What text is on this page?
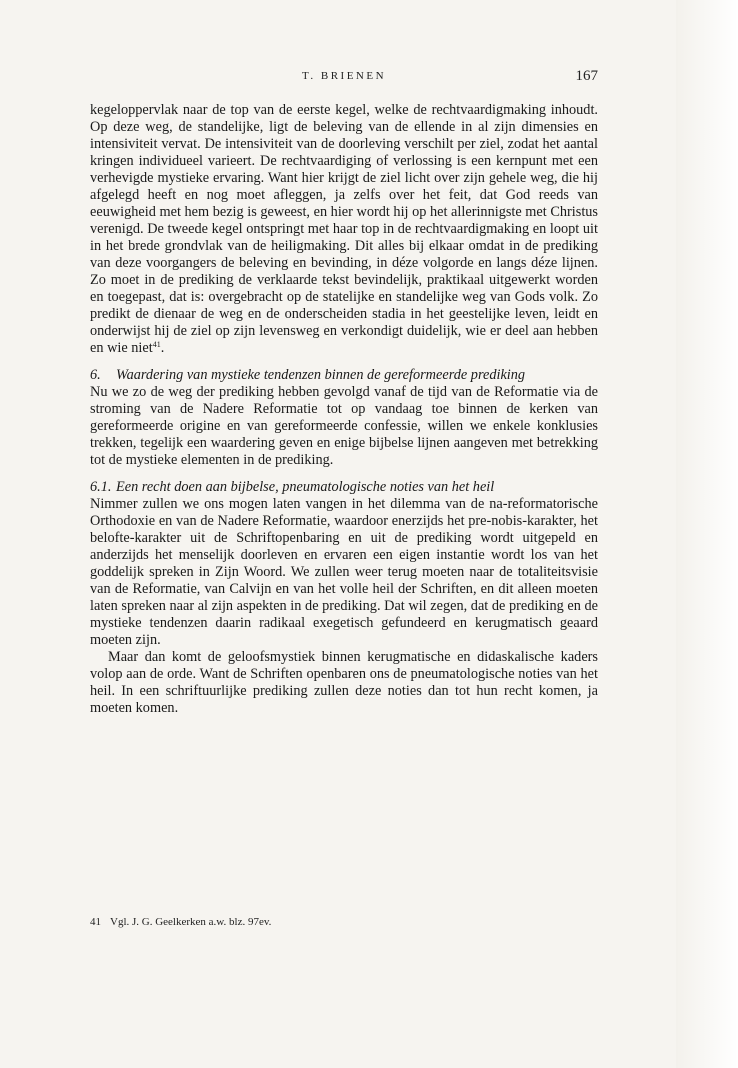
T. BRIENEN	167

kegeloppervlak naar de top van de eerste kegel, welke de rechtvaardigmaking inhoudt. Op deze weg, de standelijke, ligt de beleving van de ellende in al zijn dimensies en intensiviteit vervat. De intensiviteit van de doorleving verschilt per ziel, zodat het aantal kringen individueel varieert. De rechtvaardiging of verlossing is een kernpunt met een verhevigde mystieke ervaring. Want hier krijgt de ziel licht over zijn gehele weg, die hij afgelegd heeft en nog moet afleggen, ja zelfs over het feit, dat God reeds van eeuwigheid met hem bezig is geweest, en hier wordt hij op het allerinnigste met Christus verenigd. De tweede kegel ontspringt met haar top in de rechtvaardigmaking en loopt uit in het brede grondvlak van de heiligmaking. Dit alles bij elkaar omdat in de prediking van deze voorgangers de beleving en bevinding, in déze volgorde en langs déze lijnen. Zo moet in de prediking de verklaarde tekst bevindelijk, praktikaal uitgewerkt worden en toegepast, dat is: overgebracht op de statelijke en standelijke weg van Gods volk. Zo predikt de dienaar de weg en de onderscheiden stadia in het geestelijke leven, leidt en onderwijst hij de ziel op zijn levensweg en verkondigt duidelijk, wie er deel aan hebben en wie niet$^{41}$.

6. Waardering van mystieke tendenzen binnen de gereformeerde prediking

Nu we zo de weg der prediking hebben gevolgd vanaf de tijd van de Reformatie via de stroming van de Nadere Reformatie tot op vandaag toe binnen de kerken van gereformeerde origine en van gereformeerde confessie, willen we enkele konklusies trekken, tegelijk een waardering geven en enige bijbelse lijnen aangeven met betrekking tot de mystieke elementen in de prediking.

6.1. Een recht doen aan bijbelse, pneumatologische noties van het heil

Nimmer zullen we ons mogen laten vangen in het dilemma van de na-reformatorische Orthodoxie en van de Nadere Reformatie, waardoor enerzijds het pre-nobis-karakter, het belofte-karakter uit de Schriftopenbaring en uit de prediking wordt uitgepeld en anderzijds het menselijk doorleven en ervaren een eigen instantie wordt los van het goddelijk spreken in Zijn Woord. We zullen weer terug moeten naar de totaliteitsvisie van de Reformatie, van Calvijn en van het volle heil der Schriften, en dit alleen moeten laten spreken naar al zijn aspekten in de prediking. Dat wil zegen, dat de prediking en de mystieke tendenzen daarin radikaal exegetisch gefundeerd en kerugmatisch geaard moeten zijn.

Maar dan komt de geloofsmystiek binnen kerugmatische en didaskalische kaders volop aan de orde. Want de Schriften openbaren ons de pneumatologische noties van het heil. In een schriftuurlijke prediking zullen deze noties dan tot hun recht komen, ja moeten komen.

41 Vgl. J. G. Geelkerken a.w. blz. 97ev.
